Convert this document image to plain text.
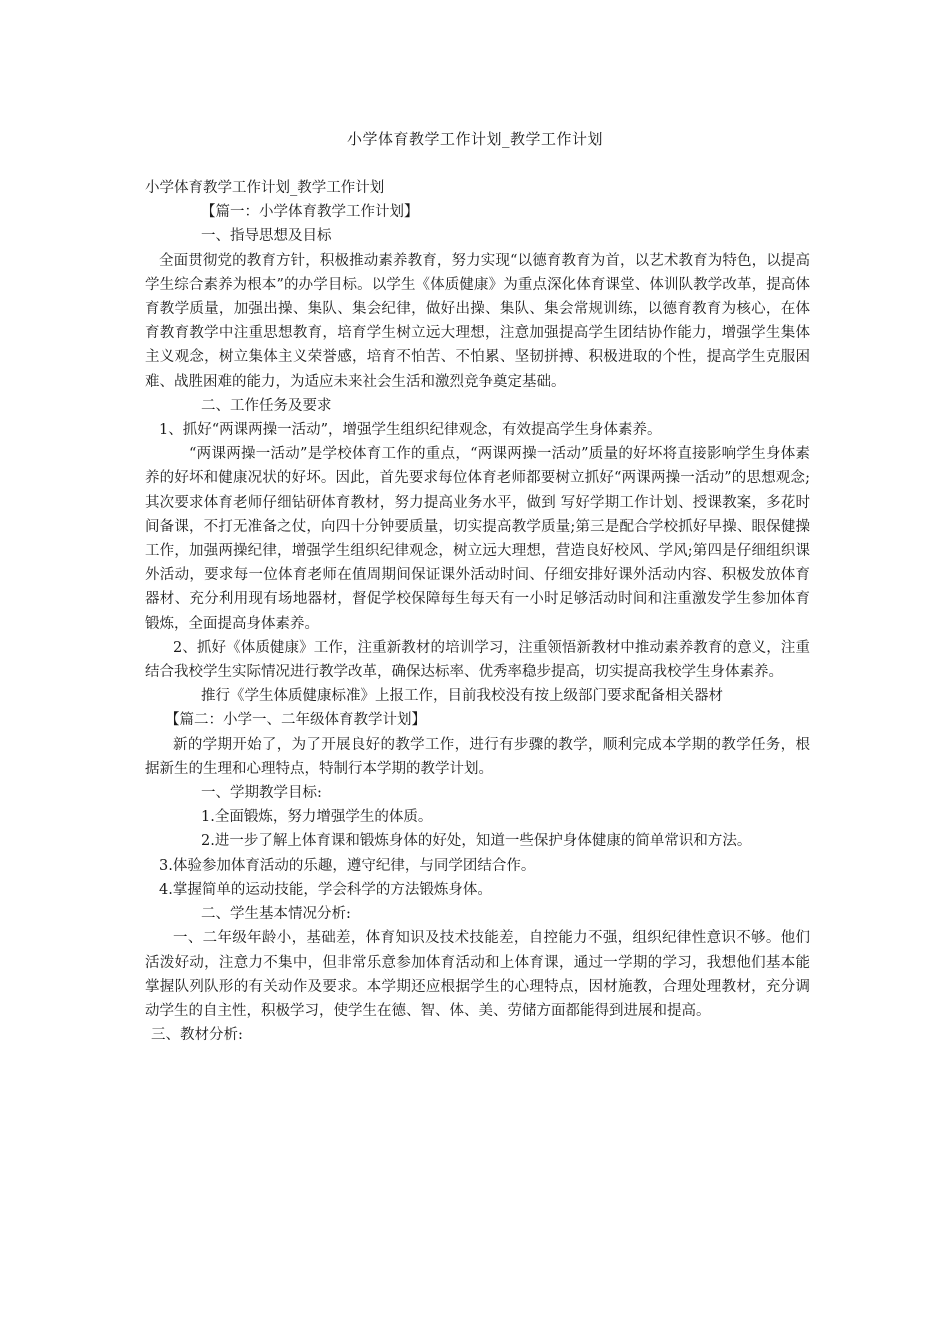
小学体育教学工作计划_教学工作计划

小学体育教学工作计划_教学工作计划

【篇一：小学体育教学工作计划】

一、指导思想及目标

全面贯彻党的教育方针，积极推动素养教育，努力实现“以德育教育为首，以艺术教育为特色，以提高学生综合素养为根本”的办学目标。以学生《体质健康》为重点深化体育课堂、体训队教学改革，提高体育教学质量，加强出操、集队、集会纪律，做好出操、集队、集会常规训练，以德育教育为核心，在体育教育教学中注重思想教育，培育学生树立远大理想，注意加强提高学生团结协作能力，增强学生集体主义观念，树立集体主义荣誉感，培育不怕苦、不怕累、坚韧拼搏、积极进取的个性，提高学生克服困难、战胜困难的能力，为适应未来社会生活和激烈竞争奠定基础。

二、工作任务及要求

1、抓好“两课两操一活动”，增强学生组织纪律观念，有效提高学生身体素养。

“两课两操一活动”是学校体育工作的重点，“两课两操一活动”质量的好坏将直接影响学生身体素养的好坏和健康况状的好坏。因此，首先要求每位体育老师都要树立抓好“两课两操一活动”的思想观念;其次要求体育老师仔细钻研体育教材，努力提高业务水平，做到 写好学期工作计划、授课教案，多花时间备课，不打无准备之仗，向四十分钟要质量，切实提高教学质量;第三是配合学校抓好早操、眼保健操工作，加强两操纪律，增强学生组织纪律观念，树立远大理想，营造良好校风、学风;第四是仔细组织课外活动，要求每一位体育老师在值周期间保证课外活动时间、仔细安排好课外活动内容、积极发放体育器材、充分利用现有场地器材，督促学校保障每生每天有一小时足够活动时间和注重激发学生参加体育锻炼，全面提高身体素养。

2、抓好《体质健康》工作，注重新教材的培训学习，注重领悟新教材中推动素养教育的意义，注重结合我校学生实际情况进行教学改革，确保达标率、优秀率稳步提高，切实提高我校学生身体素养。

推行《学生体质健康标准》上报工作，目前我校没有按上级部门要求配备相关器材

【篇二：小学一、二年级体育教学计划】

新的学期开始了，为了开展良好的教学工作，进行有步骤的教学，顺利完成本学期的教学任务，根据新生的生理和心理特点，特制行本学期的教学计划。

一、学期教学目标:

1.全面锻炼，努力增强学生的体质。

2.进一步了解上体育课和锻炼身体的好处，知道一些保护身体健康的简单常识和方法。

3.体验参加体育活动的乐趣，遵守纪律，与同学团结合作。

4.掌握简单的运动技能，学会科学的方法锻炼身体。

二、学生基本情况分析:

一、二年级年龄小，基础差，体育知识及技术技能差，自控能力不强，组织纪律性意识不够。他们活泼好动，注意力不集中，但非常乐意参加体育活动和上体育课，通过一学期的学习，我想他们基本能掌握队列队形的有关动作及要求。本学期还应根据学生的心理特点，因材施教，合理处理教材，充分调动学生的自主性，积极学习，使学生在德、智、体、美、劳储方面都能得到进展和提高。

三、教材分析:
